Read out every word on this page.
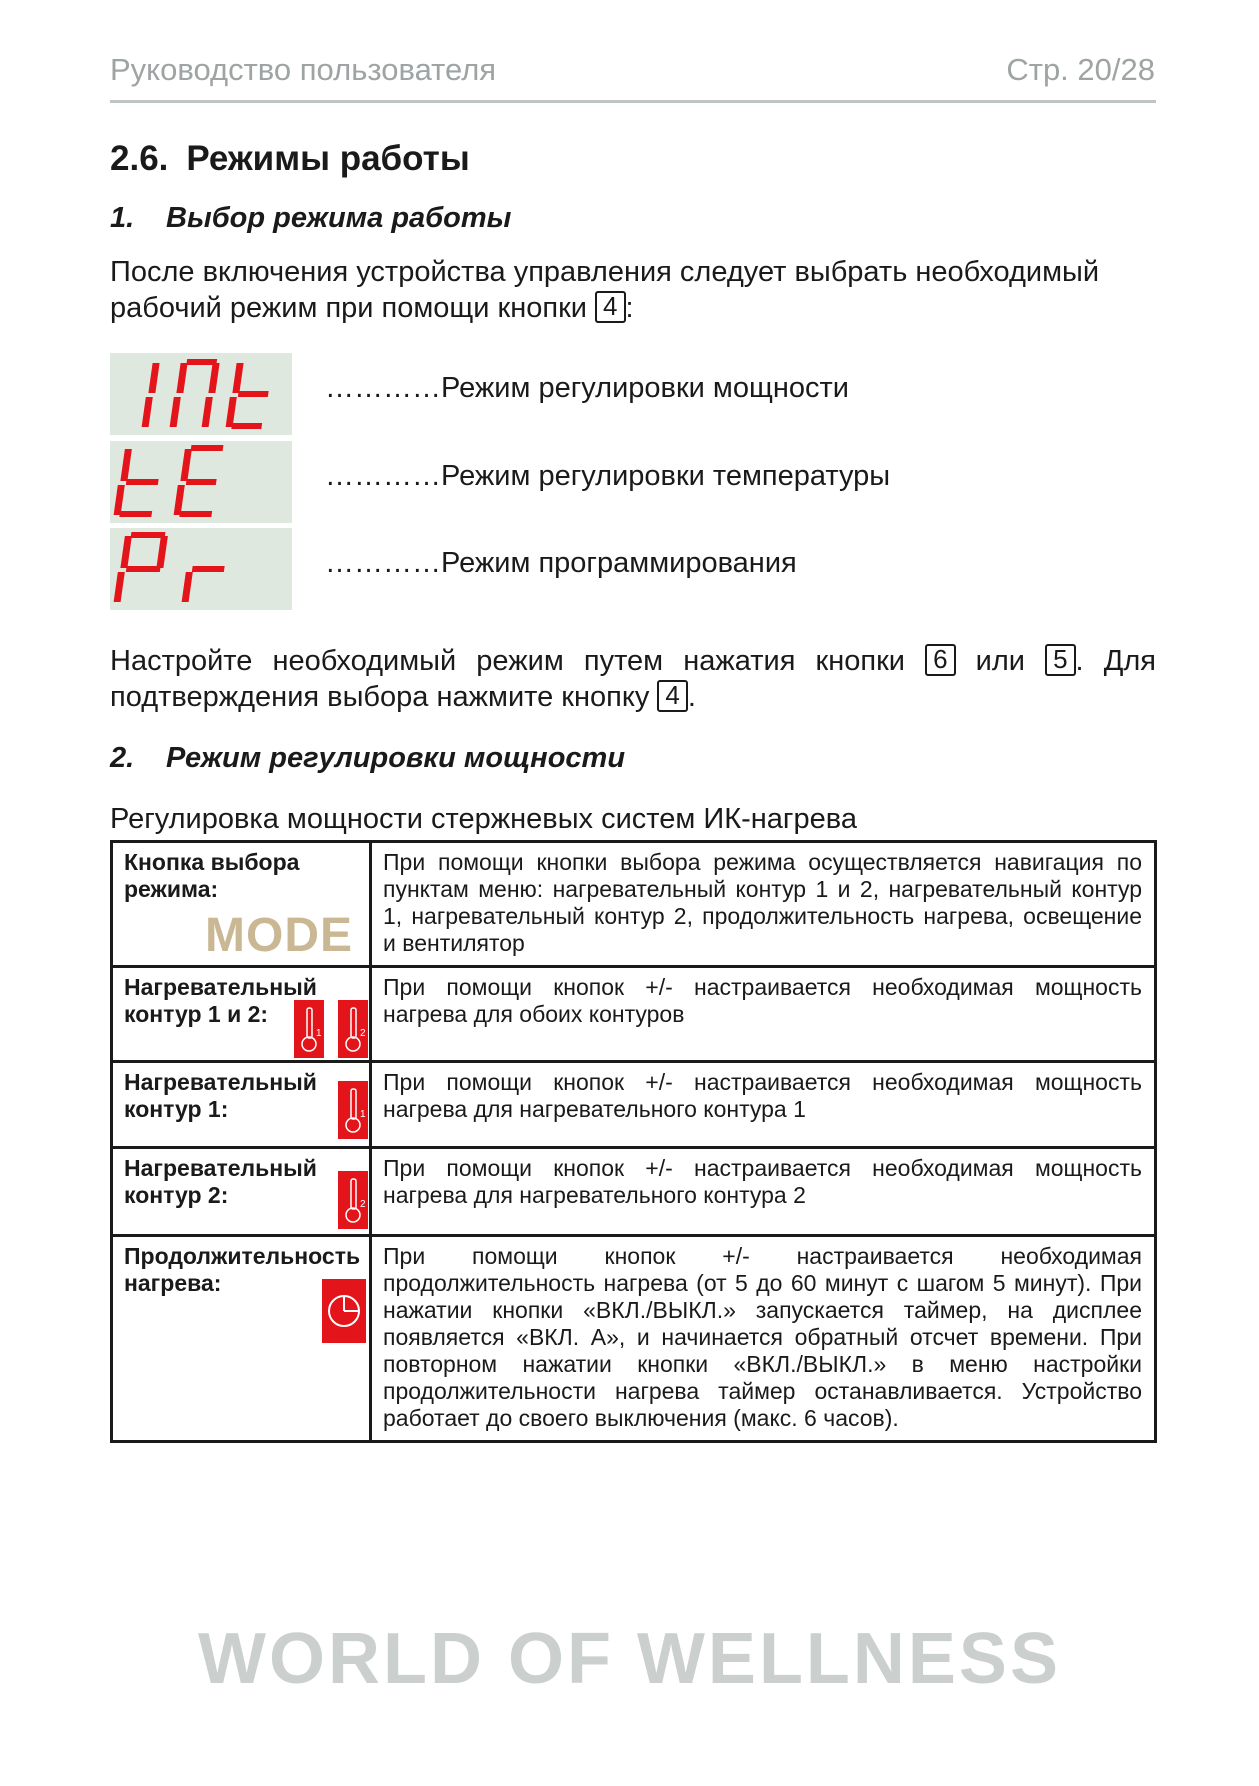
Руководство пользователя	Стр. 20/28
2.6. Режимы работы
1. Выбор режима работы
После включения устройства управления следует выбрать необходимый рабочий режим при помощи кнопки 4 :
…………Режим регулировки мощности
…………Режим регулировки температуры
…………Режим программирования
Настройте необходимый режим путем нажатия кнопки 6 или 5 . Для подтверждения выбора нажмите кнопку 4 .
2. Режим регулировки мощности
Регулировка мощности стержневых систем ИК-нагрева
Кнопка выбора режима:
MODE	При помощи кнопки выбора режима осуществляется навигация по пунктам меню: нагревательный контур 1 и 2, нагревательный контур 1, нагревательный контур 2, продолжительность нагрева, освещение и вентилятор

Нагревательный контур 1 и 2:
1 2	При помощи кнопок +/- настраивается необходимая мощность нагрева для обоих контуров

Нагревательный контур 1: 1	При помощи кнопок +/- настраивается необходимая мощность нагрева для нагревательного контура 1

Нагревательный контур 2: 2	При помощи кнопок +/- настраивается необходимая мощность нагрева для нагревательного контура 2

Продолжительность нагрева:	При помощи кнопок +/- настраивается необходимая продолжительность нагрева (от 5 до 60 минут с шагом 5 минут). При нажатии кнопки «ВКЛ./ВЫКЛ.» запускается таймер, на дисплее появляется «ВКЛ. А», и начинается обратный отсчет времени. При повторном нажатии кнопки «ВКЛ./ВЫКЛ.» в меню настройки продолжительности нагрева таймер останавливается. Устройство работает до своего выключения (макс. 6 часов).
WORLD OF WELLNESS
